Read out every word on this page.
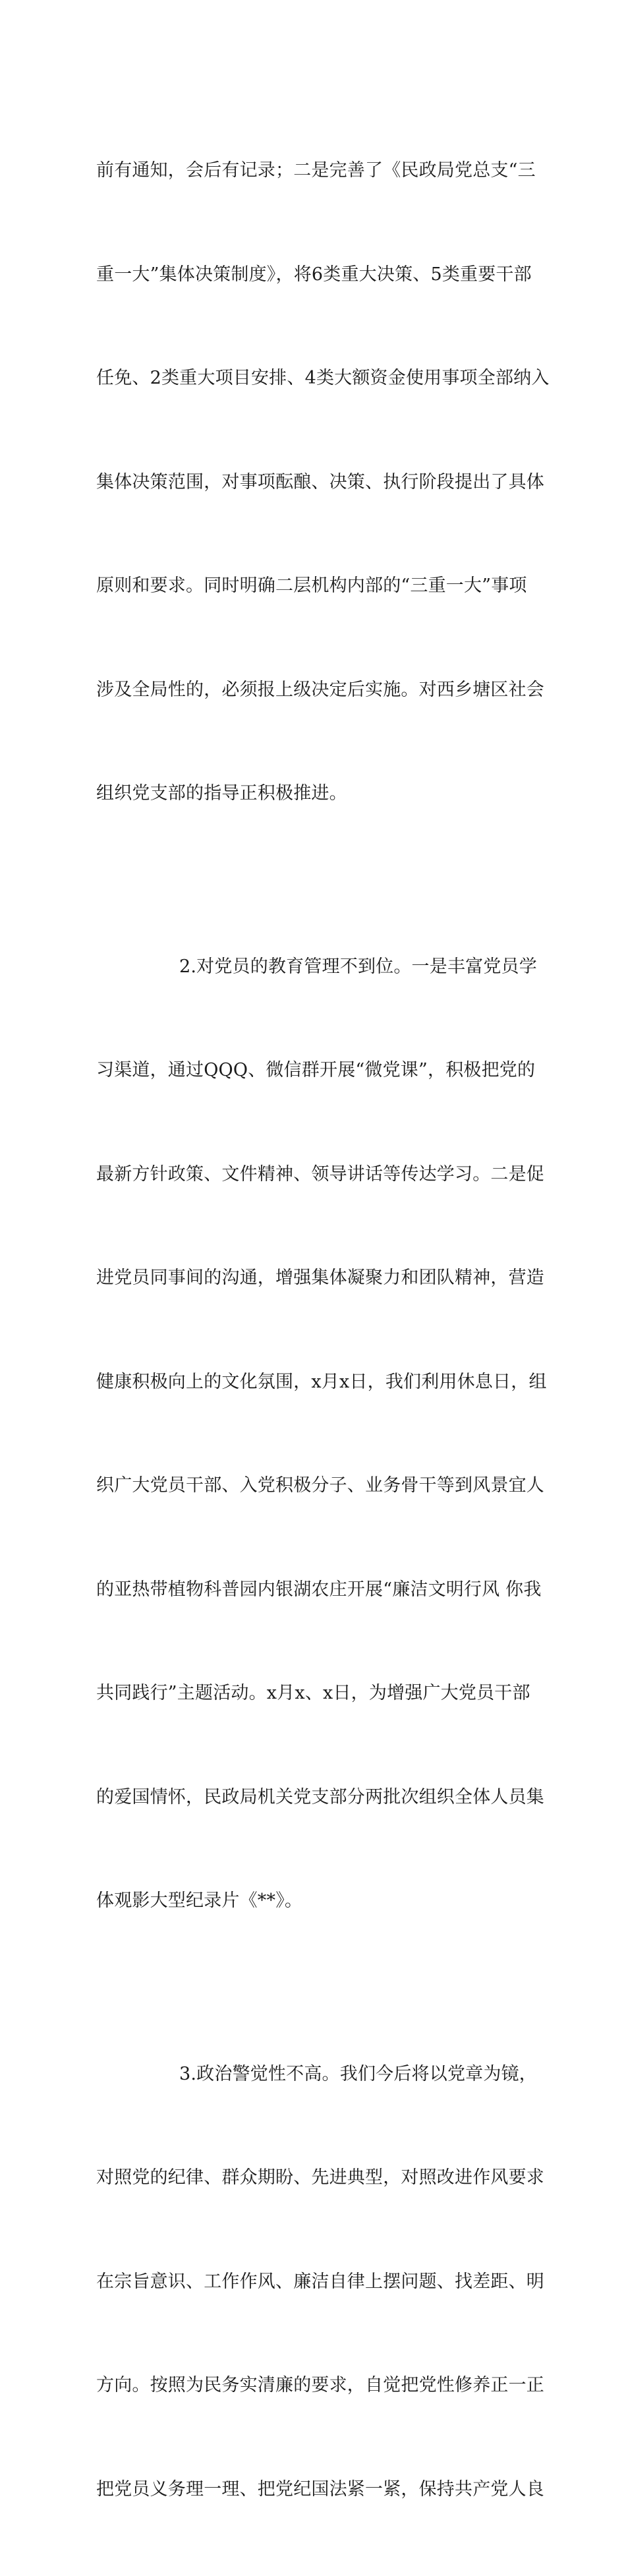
前有通知，会后有记录；二是完善了《民政局党总支“三

重一大”集体决策制度》，将6类重大决策、5类重要干部

任免、2类重大项目安排、4类大额资金使用事项全部纳入

集体决策范围，对事项酝酿、决策、执行阶段提出了具体

原则和要求。同时明确二层机构内部的“三重一大”事项

涉及全局性的，必须报上级决定后实施。对西乡塘区社会

组织党支部的指导正积极推进。

2.对党员的教育管理不到位。一是丰富党员学

习渠道，通过QQQ、微信群开展“微党课”，积极把党的

最新方针政策、文件精神、领导讲话等传达学习。二是促

进党员同事间的沟通，增强集体凝聚力和团队精神，营造

健康积极向上的文化氛围，x月x日，我们利用休息日，组

织广大党员干部、入党积极分子、业务骨干等到风景宜人

的亚热带植物科普园内银湖农庄开展“廉洁文明行风 你我

共同践行”主题活动。x月x、x日，为增强广大党员干部

的爱国情怀，民政局机关党支部分两批次组织全体人员集

体观影大型纪录片《**》。

3.政治警觉性不高。我们今后将以党章为镜，

对照党的纪律、群众期盼、先进典型，对照改进作风要求

在宗旨意识、工作作风、廉洁自律上摆问题、找差距、明

方向。按照为民务实清廉的要求，自觉把党性修养正一正

把党员义务理一理、把党纪国法紧一紧，保持共产党人良
